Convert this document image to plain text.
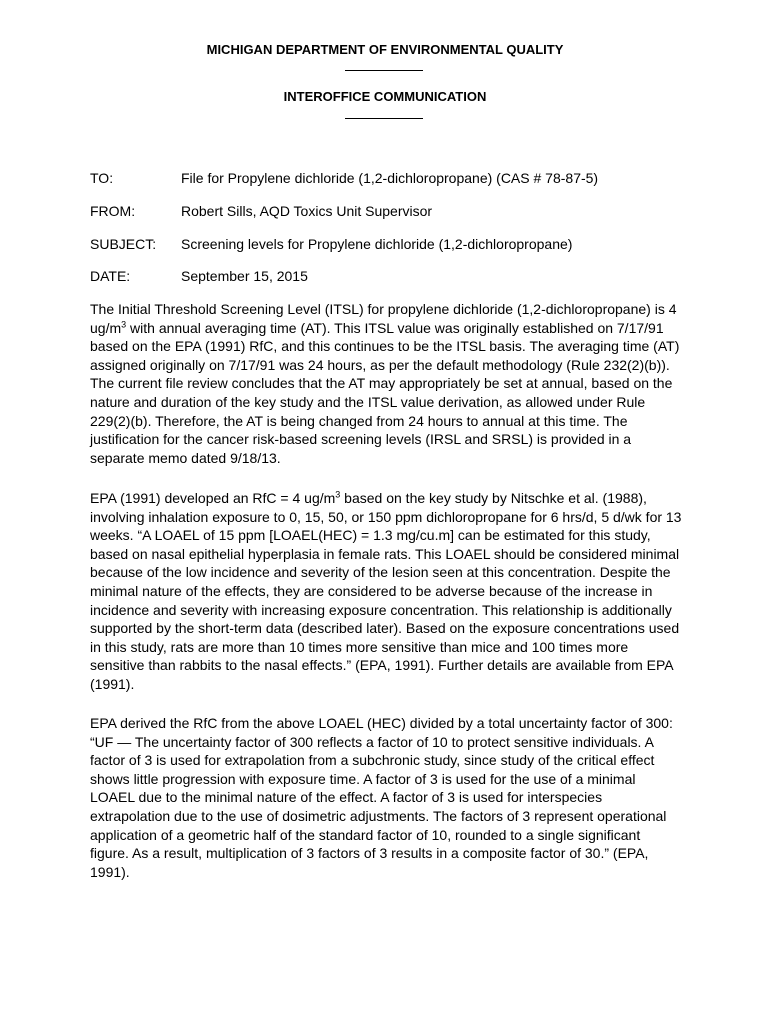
MICHIGAN DEPARTMENT OF ENVIRONMENTAL QUALITY
INTEROFFICE COMMUNICATION
TO:	File for Propylene dichloride (1,2-dichloropropane) (CAS # 78-87-5)
FROM:	Robert Sills, AQD Toxics Unit Supervisor
SUBJECT: Screening levels for Propylene dichloride (1,2-dichloropropane)
DATE:	September 15, 2015

The Initial Threshold Screening Level (ITSL) for propylene dichloride (1,2-dichloropropane) is 4 $ug/m^3$ with annual averaging time (AT). This ITSL value was originally established on 7/17/91 based on the EPA (1991) RfC, and this continues to be the ITSL basis. The averaging time (AT) assigned originally on 7/17/91 was 24 hours, as per the default methodology (Rule 232(2)(b)). The current file review concludes that the AT may appropriately be set at annual, based on the nature and duration of the key study and the ITSL value derivation, as allowed under Rule 229(2)(b). Therefore, the AT is being changed from 24 hours to annual at this time. The justification for the cancer risk-based screening levels (IRSL and SRSL) is provided in a separate memo dated 9/18/13.

EPA (1991) developed an RfC = 4 $ug/m^3$ based on the key study by Nitschke et al. (1988), involving inhalation exposure to 0, 15, 50, or 150 ppm dichloropropane for 6 hrs/d, 5 d/wk for 13 weeks. “A LOAEL of 15 ppm [LOAEL(HEC) = 1.3 mg/cu.m] can be estimated for this study, based on nasal epithelial hyperplasia in female rats. This LOAEL should be considered minimal because of the low incidence and severity of the lesion seen at this concentration. Despite the minimal nature of the effects, they are considered to be adverse because of the increase in incidence and severity with increasing exposure concentration. This relationship is additionally supported by the short-term data (described later). Based on the exposure concentrations used in this study, rats are more than 10 times more sensitive than mice and 100 times more sensitive than rabbits to the nasal effects.” (EPA, 1991). Further details are available from EPA (1991).

EPA derived the RfC from the above LOAEL (HEC) divided by a total uncertainty factor of 300: “UF — The uncertainty factor of 300 reflects a factor of 10 to protect sensitive individuals. A factor of 3 is used for extrapolation from a subchronic study, since study of the critical effect shows little progression with exposure time. A factor of 3 is used for the use of a minimal LOAEL due to the minimal nature of the effect. A factor of 3 is used for interspecies extrapolation due to the use of dosimetric adjustments. The factors of 3 represent operational application of a geometric half of the standard factor of 10, rounded to a single significant figure. As a result, multiplication of 3 factors of 3 results in a composite factor of 30.” (EPA, 1991).
